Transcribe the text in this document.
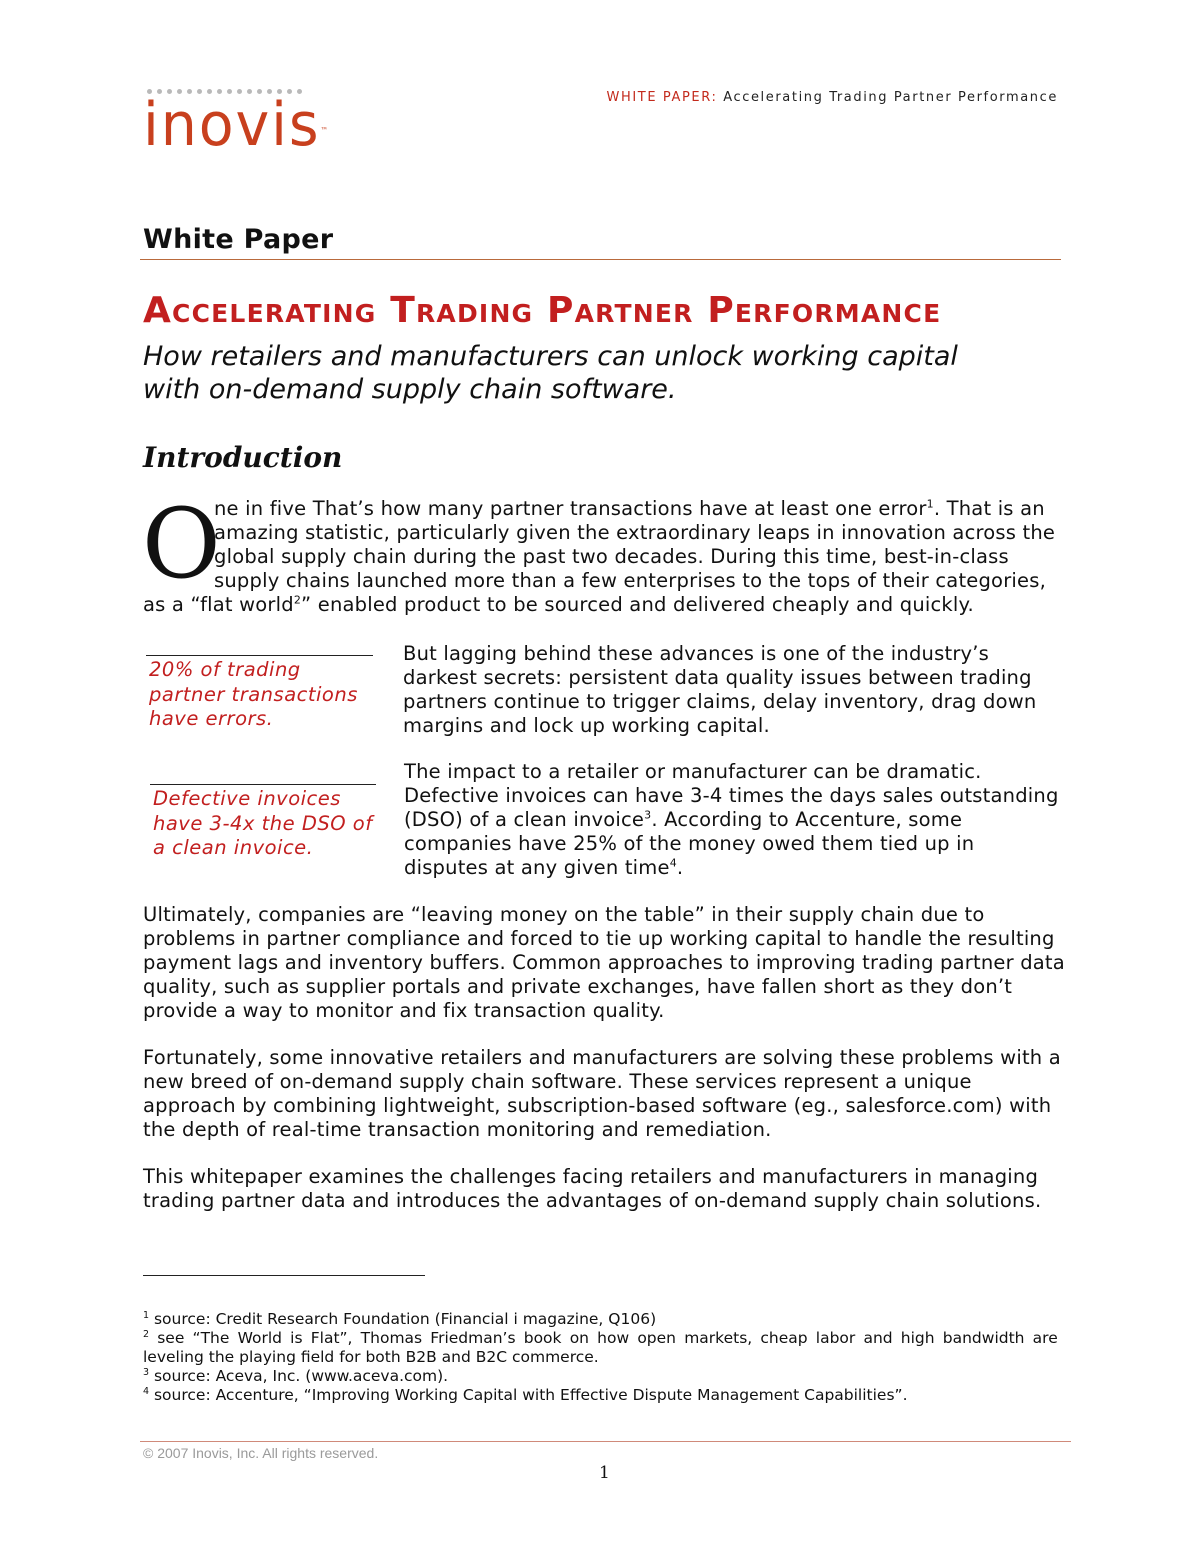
inovis™
WHITE PAPER: Accelerating Trading Partner Performance
White Paper
Accelerating Trading Partner Performance
How retailers and manufacturers can unlock working capital
with on-demand supply chain software.
Introduction
O
ne in five That’s how many partner transactions have at least one error$^1$. That is an
amazing statistic, particularly given the extraordinary leaps in innovation across the
global supply chain during the past two decades. During this time, best-in-class
supply chains launched more than a few enterprises to the tops of their categories,
as a “flat world$^2$” enabled product to be sourced and delivered cheaply and quickly.
20% of trading
partner transactions
have errors.
But lagging behind these advances is one of the industry’s
darkest secrets: persistent data quality issues between trading
partners continue to trigger claims, delay inventory, drag down
margins and lock up working capital.
Defective invoices
have 3-4x the DSO of
a clean invoice.
The impact to a retailer or manufacturer can be dramatic.
Defective invoices can have 3-4 times the days sales outstanding
(DSO) of a clean invoice$^3$. According to Accenture, some
companies have 25% of the money owed them tied up in
disputes at any given time$^4$.
Ultimately, companies are “leaving money on the table” in their supply chain due to
problems in partner compliance and forced to tie up working capital to handle the resulting
payment lags and inventory buffers. Common approaches to improving trading partner data
quality, such as supplier portals and private exchanges, have fallen short as they don’t
provide a way to monitor and fix transaction quality.
Fortunately, some innovative retailers and manufacturers are solving these problems with a
new breed of on-demand supply chain software. These services represent a unique
approach by combining lightweight, subscription-based software (eg., salesforce.com) with
the depth of real-time transaction monitoring and remediation.
This whitepaper examines the challenges facing retailers and manufacturers in managing
trading partner data and introduces the advantages of on-demand supply chain solutions.
$^1$ source: Credit Research Foundation (Financial i magazine, Q106)
$^2$ see “The World is Flat”, Thomas Friedman’s book on how open markets, cheap labor and high bandwidth are
leveling the playing field for both B2B and B2C commerce.
$^3$ source: Aceva, Inc. (www.aceva.com).
$^4$ source: Accenture, “Improving Working Capital with Effective Dispute Management Capabilities”.
© 2007 Inovis, Inc. All rights reserved.
1
